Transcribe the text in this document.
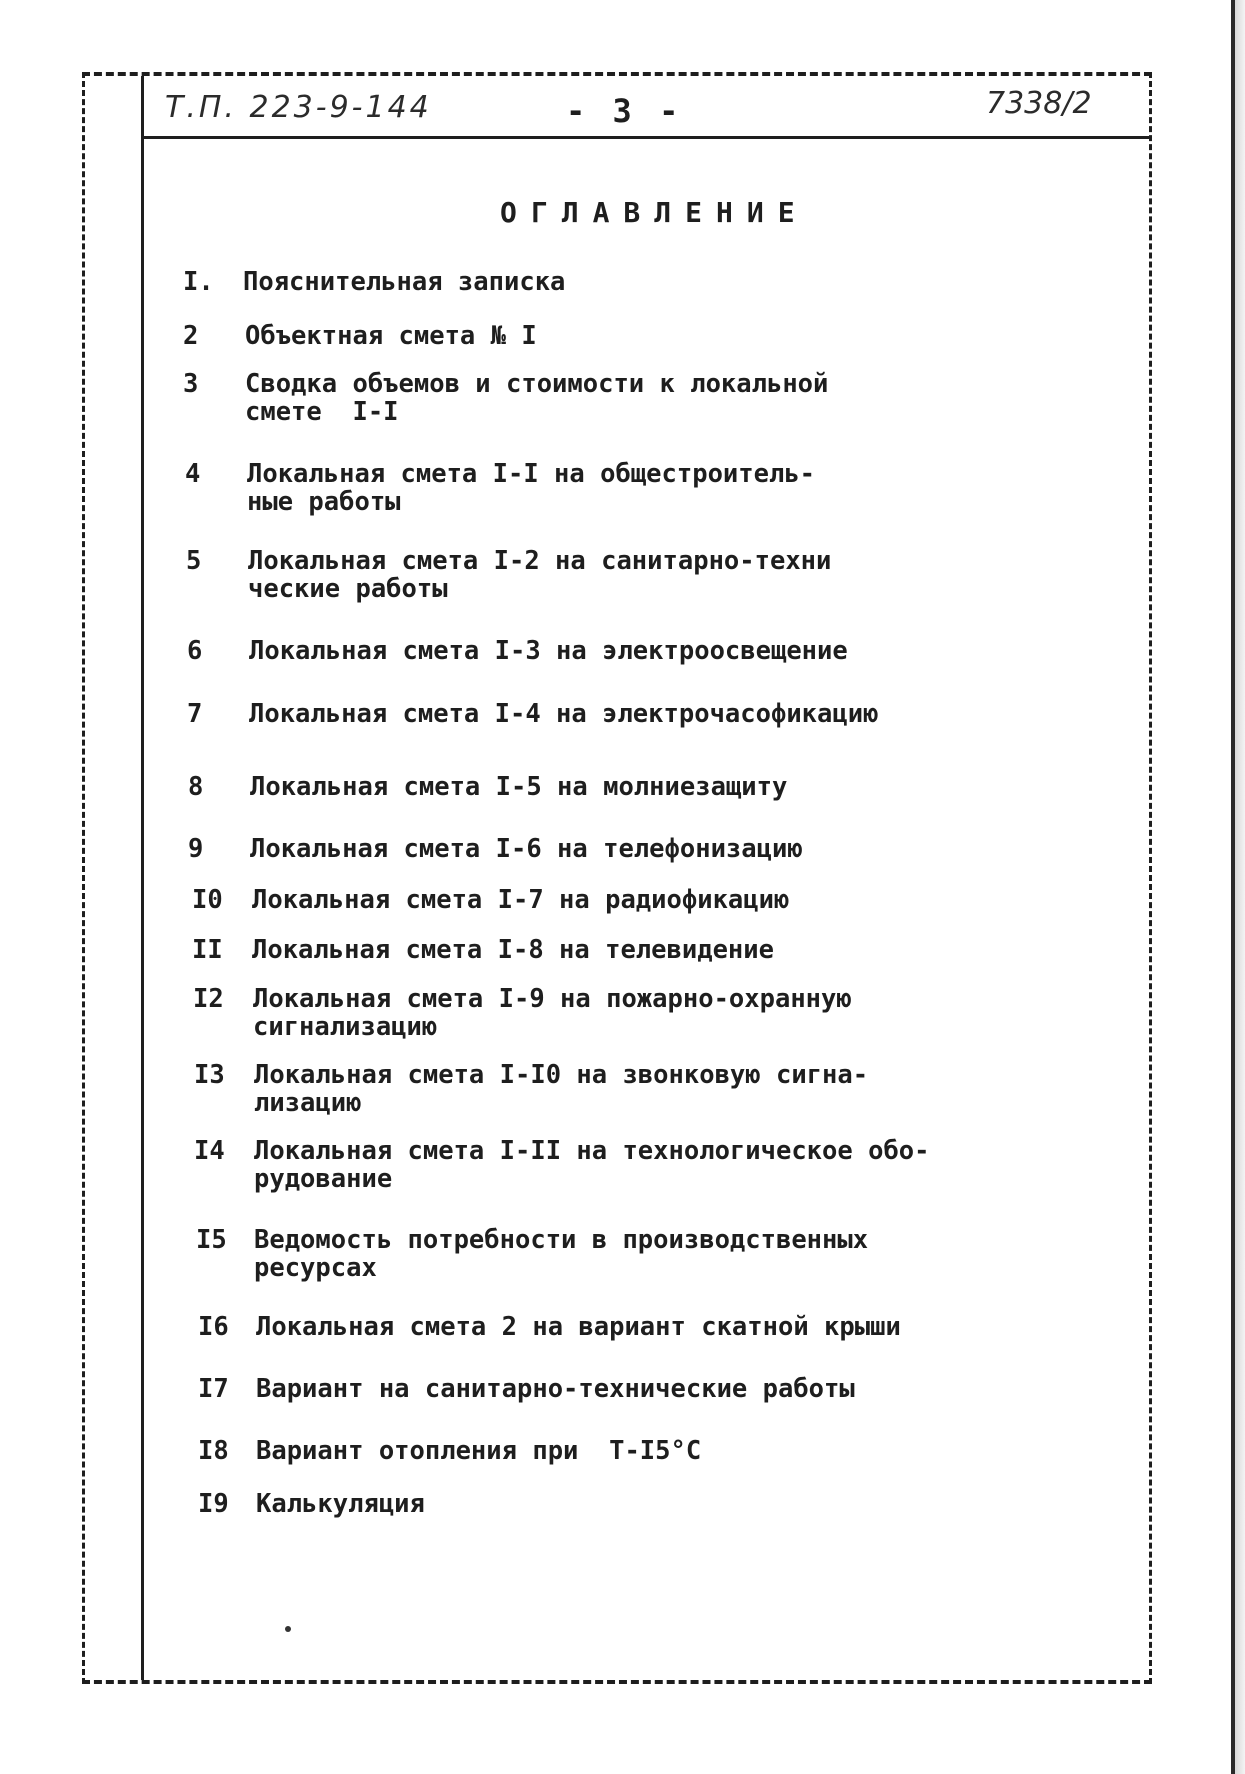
Т.П. 223-9-144	- 3 -	7338/2
ОГЛАВЛЕНИЕ
I.	Пояснительная записка
2	Объектная смета № I
3	Сводка объемов и стоимости к локальной
смете  I-I
4	Локальная смета I-I на общестроитель-
ные работы
5	Локальная смета I-2 на санитарно-техни
ческие работы
6	Локальная смета I-3 на электроосвещение
7	Локальная смета I-4 на электрочасофикацию
8	Локальная смета I-5 на молниезащиту
9	Локальная смета I-6 на телефонизацию
I0	Локальная смета I-7 на радиофикацию
II	Локальная смета I-8 на телевидение
I2	Локальная смета I-9 на пожарно-охранную
сигнализацию
I3	Локальная смета I-I0 на звонковую сигна-
лизацию
I4	Локальная смета I-II на технологическое обо-
рудование
I5	Ведомость потребности в производственных
ресурсах
I6	Локальная смета 2 на вариант скатной крыши
I7	Вариант на санитарно-технические работы
I8	Вариант отопления при  T-I5°C
I9	Калькуляция
